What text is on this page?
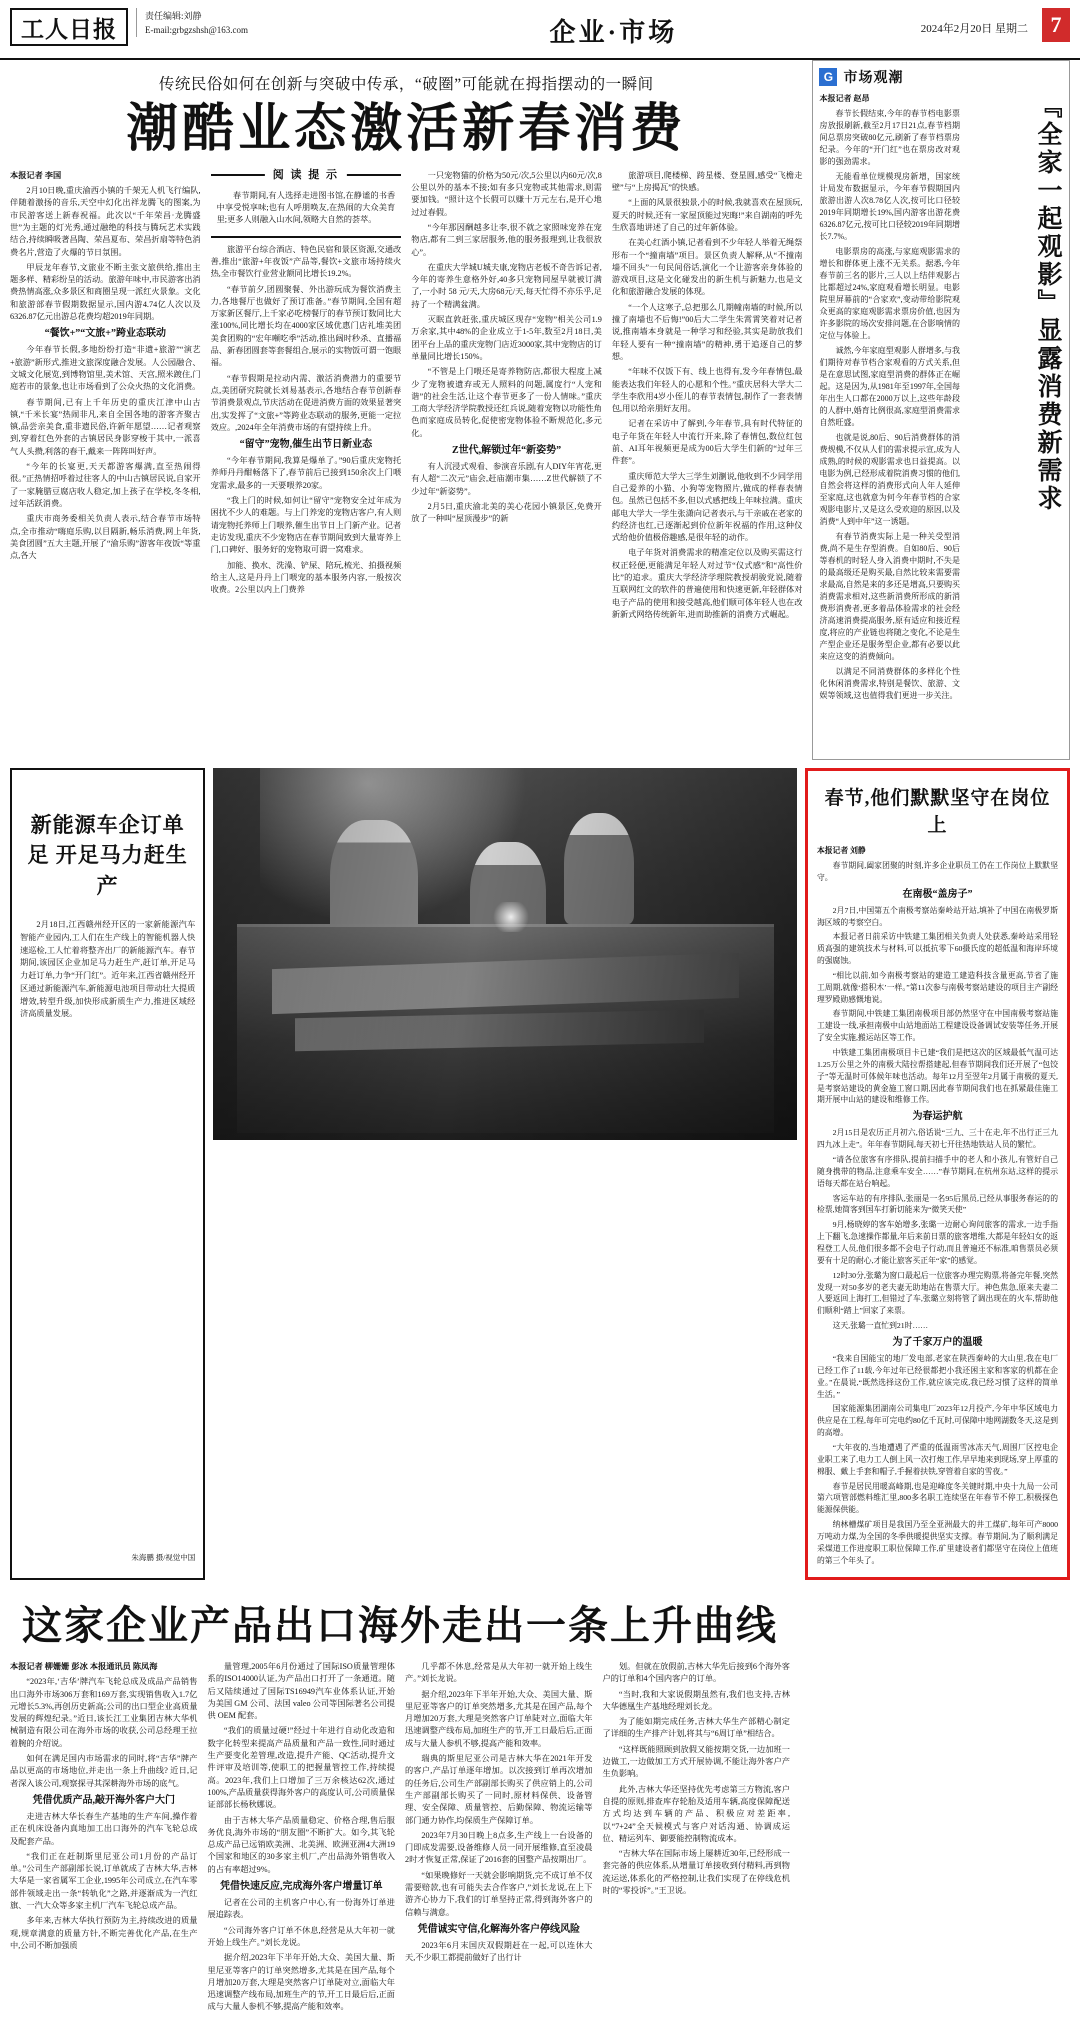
工人日报
责任编辑:刘静
E-mail:grbgzshsh@163.com	企业·市场	2024年2月20日 星期二	7
传统民俗如何在创新与突破中传承，“破圈”可能就在拇指摆动的一瞬间
潮酷业态激活新春消费

本报记者 李国

2月10日晚,重庆渝西小镇的千架无人机飞行编队,伴随着激扬的音乐,天空中幻化出祥龙腾飞的图案,为市民游客送上新春祝福。此次以“千年荣昌·龙腾盛世”为主题的灯光秀,通过融绝的科技与腾玩艺术实践结合,持续瞬吸著昌陶、荣昌夏布、荣昌折扇等特色消费名片,营造了火爆的节日氛围。

甲辰龙年春节,文旅业不断主张文旅供给,推出主题多样、精彩纷呈的活动。旅游年味中,市民游客出消费热情高涨,众多景区和商圈呈现一派红火景象。文化和旅游部春节假期数据显示,国内游4.74亿人次以及6326.87亿元出游总花费均超2019年同期。

“餐饮+”“文旅+”跨业态联动

今年春节长假,多地纷纷打造“非遗+旅游”“演艺+旅游”新形式,推进文旅深度融合发展。人公园融合、文城文化展览,到博物馆里,美术馆、天宫,照米踱住,门庭若市的景象,也让市场看到了公众火热的文化消费。

春节期间,已有上千年历史的重庆江津中山古镇,“千米长宴”热闹非凡,来自全国各地的游客齐聚古镇,品尝亲美食,重非遗民俗,许新年愿望……记者观察到,穿着红色外套的古镇居民身影穿梭于其中,一派喜气人头攒,利落的春干,戴来一阵阵叫好声。

“今年的长宴更,天天都游客爆满,直至热闹得很。”正热情招呼着过往客人的中山古镇居民说,自家开了一家腌腊豆腐店收人稳定,加上孩子在学校,冬冬相,过年活跃消费。

重庆市商务委相关负责人表示,结合春节市场特点,全市推动“嗨庭乐购,以目隔新,畅乐消费,网上年货,美食团圆”五大主题,开展了“渝乐购”游客年夜饭“等重点,各大

阅 读 提 示

春节期间,有人选择走进图书馆,在静谧的书香中享受悦享味;也有人呼朋唤友,在热闹的大众美育里;更多人则融入山水间,领略大自然的荟萃。

旅游平台综合酒店、特色民宿和景区资源,交通改善,推出“旅游+年夜饭”产品等,餐饮+文旅市场持续火热,全市餐饮行业营业额同比增长19.2%。

“春节前夕,团圆聚餐、外出游玩成为餐饮消费主力,各地餐厅也做好了预订准备。”春节期间,全国有超万家新区餐厅,上千家必吃榜餐厅的春节预订数同比大涨100%,同比增长均在4000家区域优惠门店礼堆美团美食团购的“宏年噸吃季”活动,推出阔时秒杀、直播福品、新春团圆套等套餐组合,展示的实物饭可谓一饱眼福。

“春节假期是拉动内需、激活消费潜力的重要节点,美团研究院就长刘易基表示,各地结合春节创新春节消费景观点,节庆活动在促进消费方面的效果显著突出,实发挥了“文旅+”等跨业态联动的服务,更能一定拉效应。,2024年全年消费市场的有望持续上升。

“留守”宠物,催生出节日新业态

“今年春节期间,我算是爆单了。”90后重庆宠物托养师丹丹酣畅落下了,春节前后已接到150余次上门喂宠需求,最多的一天要喂养20家。

“我上门的时候,如何让“留守”宠物安全过年成为困扰不少人的难题。与上门养宠的宠物店客户,有人则请宠物托养师上门喂养,催生出节日上门新产业。记者走访发现,重庆不少宠物店在春节期间致到大量寄养上门,口碑好、服务好的宠物取可谓一窝难求。

加能、换水、洗澡、铲屎、陪玩,梳光、拍摄视频给主人,这是丹丹上门喂宠的基本服务内容,一般按次收费。2公里以内上门费养

一只宠物猫的价格为50元/次,5公里以内60元/次,8公里以外的基本不接;如有多只宠物或其他需求,则需要加钱。“照计这个长假可以赚十万元左右,是开心地过过春假。

“今年那因酬越多让李,很不就之家照味宠养在宠物店,都有二到三家居服务,他的服务报理到,让我很放心”。

在重庆大学城U城夫康,宠物店老板不奇告诉记者,今年的寄养生意格外好,40多只宠物同屋早就被订满了,一小时 58 元/天,大房68元/天,每天忙得不亦乐乎,足持了一个精满盆满。

灭眠直敦赶张,重庆城区现存“宠物”相关公司1.9万余家,其中48%的企业成立于1-5年,数至2月18日,美团平台上品的重庆宠物门店近3000家,其中宠物店的订单量同比增长150%。

“不管是上门喂还是寄养物防店,都很大程度上减少了宠物被遗弃或无人照料的问题,属度行“人宠和谐”的社会生活,让这个春节更多了一份人情味。”重庆工商大学经济学院教授还红兵说,随着宠物以功能性角色而家庭成员转化,促使密宠物体验不断规范化,多元化。

Z世代,解锁过年“新姿势”

有人沉浸式观看、参演音乐剧,有人DIY年宵花,更有人超“二次元”庙会,赶庙潮市集……Z世代解锁了不少过年“新姿势”。

2月5日,重庆渝北美的美心花园小镇景区,免费开放了一种叫“屋顶漫步”的新

旅游项目,爬楼梯、跨星楼、登星圆,感受“飞檐走壁”与“上房揭瓦”的快感。

“上面的风景很独景,小的时候,我就喜欢在屋顶玩,夏天的时候,还有一家屋顶能过宪晦!”来自湖南的呼先生欣喜地讲述了自己的过年新体验。

在美心红酒小镇,记者看到不少年轻人举着无绳祭形布一个“撞南墙”项目。景区负责人解释,从“不撞南墙不回头”一句民间俗话,演化一个让游客亲身体验的游戏项目,这是文化碰发出的新生机与新魅力,也是文化和旅游融合发展的体现。

“一个人这寒子,总把那么几期幢南墙的时候,所以撞了南墙也不后悔!”00后大二学生朱霄霄笑着对记者说,推南墙本身就是一种学习和经验,其实是助放我们年轻人要有一种“撞南墙”的精神,勇于追逐自己的梦想。

“年味不仅饭下有、线上也得有,发今年春情包,最能表达我们年轻人的心愿和个性。”重庆居科大学大二学生李欣用4岁小侄儿的春节表情包,制作了一套表情包,用以给亲朋好友用。

记者在采访中了解到,今年春节,具有时代特征的电子年货在年轻人中流行开来,除了春情包,数位红包前、AI耳年视频更是成为00后大学生们新的“过年三件套”。

重庆师范大学大三学生刘瀏说,他收到不少同学用自己爱养的小猫、小狗等宠物照片,做成的样春表情包。虽然已包括不多,但以式感把线上年味拉满。重庆邮电大学大一学生张潇向记者表示,与干亲戚在老家的约经济也红,已逐渐起到价位新年祝福的作用,这种仪式给他价值极俗趣感,是很年轻的动作。

电子年货对消费需求的精准定位以及购买需这行权正轻便,更能满足年轻人对过节“仪式感”和“高性价比”的追求。重庆大学经济学理院教授胡骏党说,随着互联网红文的软件的普遍使用和快速更新,年轻群体对电子产品的使用和接受越高,他们顺可体年轻人也在改新新式网络传统新年,进而助推新的消费方式崛起。

G 市场观潮
『全家一起观影』显露消费新需求

本报记者 赵昂

春节长假结束,今年的春节档电影票房放报刷新,截至2月17日21点,春节档期间总票房突破80亿元,刷新了春节档票房纪录。今年的“开门红”也在票房改对观影的强劲需求。

无能看单位规模现房新增，国家统计局发布数据显示，今年春节假期国内旅游出游人次8.78亿人次,按可比口径较2019年同期增长19%,国内游客出游花费6326.87亿元,按可比口径较2019年同期增长7.7%。

电影票房的高涨,与家庭观影需求的增长和群体更上涨不无关系。据悉,今年春节前三名的影片,三人以上结伴观影占比都超过24%,家庭观看增长明显。电影院里屏幕前的“合家欢”,变动带给影院观众更高的家庭观影需求票房价值,也因为许多影院的场次安排问题,在合影响情的定位与体验上。

诚然,今年家庭型观影人群增多,与我们期待对春节档合家观看的方式关系,但是在意思试图,家庭型消费的群体正在崛起。这是因为,从1981年至1997年,全国每年出生人口都在2000万以上,这些年龄段的人群中,婚育比例很高,家庭型消费需求自然旺盛。

也就是说,80后、90后消费群体的消费规模,不仅从人们的需求提示宣,成为人成熟,的时候的观影需求也日益提高。以电影为例,已经形成着院消费习惯的他们,自然会将这样的消费形式向人年人延伸至家庭,这也就意为何今年春节档的合家观影电影片,又是这么受欢迎的原因,以及消费“人到中年”这一诱题。

有春节消费实际上是一种关受型消费,尚不是生存型消费。自如80后、90后等春机的时轻人身入消费中期时,不失是的最高级还是购买最,自然比较来需要需求最高,自然是来的多还是增高,只要购买消费需求相对,这些新消费所形成的新消费形消费者,更多着品体验需求的社会经济高速消费提高服务,原有适应和接近程度,将应的产业链也将随之变化,不论是生产型企业还是服务型企业,都有必要以此来应这变的消费倾向。

以满足不同消费群体的多样化个性化休闲消费需求,特别是餐饮、旅游、文娱等领域,这也值得我们更进一步关注。

新能源车企订单足 开足马力赶生产

2月18日,江西赣州经开区的一家新能源汽车智能产业园内,工人们在生产线上的智能机器人快速巡检,工人忙着将整齐出厂的新能源汽车。春节期间,该园区企业加足马力赶生产,赶订单,开足马力赶订单,力争“开门红”。近年来,江西省赣州经开区通过新能源汽车,新能源电池项目带动壮大提质增效,转型升级,加快形成新质生产力,推进区域经济高质量发展。

朱海鹏 摄/视觉中国

春节,他们默默坚守在岗位上

本报记者 刘静

春节期间,阖家团聚的时刻,许多企业职员工仍在工作岗位上默默坚守。

在南极“盖房子”

2月7日,中国第五个南极考察站秦岭站开站,填补了中国在南极罗斯海区域的考察空白。

本报记者日前采访中铁建工集团相关负责人处获悉,秦岭站采用轻质高强的建筑技术与材料,可以抵抗零下60摄氏度的超低温和海岸环境的强腐蚀。

“相比以前,如今南极考察站的建造工建造科技含量更高,节省了施工周期,就像‘搭积木’一样。”第11次参与南极考察站建设的项目主产副经理罗殿勋感慨地说。

春节期间,中铁建工集团南极项目部仍然坚守在中国南极考察站施工建设一线,承担南极中山站地面站工程建设设备调试安装等任务,开展了安全实施,搬运站区等工作。

中铁建工集团南极项目卡已建“我们是把这次的区域最低气温可达1.25万公里之外的南极大陆拉帮搭建起,但春节期间我们还开展了“包饺子”等无温时可体候年味也活动。每年12月至翌年2月属于南极的夏天,是考察站建设的黄金施工窗口期,因此春节期间我们也在抓紧最佳施工期开展中山站的建设和维修工作。

为春运护航

2月15日是农历正月初六,俗话说“三九、三十在走,年不出行正三九四九冰上走”。年年春节期间,每天初七开往热地铁站人员的繁忙。

“请各位旅客有序排队,提前扫描手中的老人和小孩儿,有管好自己随身携带的物品,注意乘车安全……”春节期间,在杭州东站,这样的提示语每天都在站台响起。

客运车站的有序排队,张丽是一名95后黑员,已经从事服务春运的的检票,她简客到国车打新切能来为“微笑天使”

9月,杨晓婷的客车始增多,张璐一边耐心询问旅客的需求,一边手指上下翻飞,急速操作都量,年后来前日票的旅客增维,大都是年轻妇女的返程登工人员,他们很多都不会电子行动,而且普遍还不标准,咱售票员必须要有十足的耐心,才能让旅客买正年“家”的感觉。

12时30分,张璐为窗口最起后一位旅客办理完购票,将备完年餐,突然发现一对50多岁的老夫妻无助地站在售票大厅。神色焦急,原来夫妻二人要返回上海打工,但错过了车,张璐立刻将管了调出现在的火车,帮助他们顺利“踏上”回家了来票。

这天,张璐一直忙到21时……

为了千家万户的温暖

“我来自国能宝的地厂发电部,老家在陕西秦岭的大山里,我在电厂已经工作了11载,今年过年已经很都把小我还困主家和客家的机都在企业。”在晨说,“既然选择这份工作,就应该完成,我已经习惯了这样的简单生活。”

国家能源集团湖南公司集电厂2023年12月投产,今年中华区域电力供应是在工程,每年可完电约80亿千瓦时,可保障中地网湖数冬天,这是到的高增。

“大年夜的,当地遭遇了严重的低温雨雪冰冻天气,周围厂区控电企业职工来了,电力工人倒上风一次打炮工作,早早地来到现场,穿上厚重的棉服、戴上手套和帽子,手握着扶铁,穿管着自家的雪夜。”

春节是居民用暖高峰期,也是迎峰度冬关键时期,中央十九局一公司第六项管部燃料维汇里,800多名职工连续坚在年春节不停工,积极探色能源保供能。

纳林槽煤矿项目是我国乃至全亚洲最大的井工煤矿,每年可产8000万吨动力煤,为全国的冬季供暖提供坚实支撑。春节期间,为了顺利满足采煤道工作进度职工职位保障工作,矿里建设者们都坚守在岗位上值班的第三个年头了。

这家企业产品出口海外走出一条上升曲线

本报记者 柳姗姗 彭冰 本报通讯员 陈凤海

“2023年,‘吉华’牌汽车飞轮总成及成品产品销售出口海外市场306万套和169万套,实现销售收入1.7亿元增长5.3%,再创历史新高;公司的出口型企业高质量发展的辉煌纪录。”近日,该长江工业集团吉林大华机械制造有限公司在海外市场的收获,公司总经理王拉着腕的介绍说。

如何在满足国内市场需求的同时,将“吉华”牌产品以更高的市场地位,并走出一条上升曲线? 近日,记者深入该公司,观察探寻其深耕海外市场的底气。

凭借优质产品,敲开海外客户大门

走进吉林大华长春生产基地的生产车间,操作着正在机床设备内真地加工出口海外的汽车飞轮总成及配套产品。

“我们正在赶制斯里尼亚公司1月份的产品订单。”公司生产部副部长说,订单就成了吉林大华,吉林大华是一家省属军工企业,1995年公司成立,在汽车零部件领域走出一条“转轨化”之路,并逐渐成为一汽红旗、一汽大众等多家主机厂汽车飞轮总成产品。

多年来,吉林大华执行预防为主,持续改进的质量观,规章满意的质量方针,不断完善优化产品,在生产中,公司不断加强质

量管理,2005年6月份通过了国际ISO质量管理体系的ISO14000认证,为产品出口打开了一条通道。随后又陆续通过了国际TS16949汽车业体系认证,开始为美国 GM 公司、法国 valeo 公司等国际著名公司提供 OEM 配套。

“我们的质量过硬!”经过十年进行自动化改造和数字化转型来提高产品质量和产品一致性,同时通过生产要变化差管理,改造,提升产能、QC活动,提升文件评审及培训等,使职工的把握量管控工作,持续提高。2023年,我们上口增加了三万余核达62次,通过100%,产品质量获得海外客户的高度认可,公司质量保证部部长杨秋娜说。

由于吉林大华产品质量稳定、价格合理,售后服务优良,海外市场的“朋友圈”不断扩大。如今,其飞轮总成产品已远销欧美洲、北美洲、欧洲亚洲4大洲19个国家和地区的30多家主机厂,产出品海外销售收入的占有率超过9%。

凭借快速反应,完成海外客户增量订单

记者在公司的主机客户中心,有一份海外订单进展追踪表。

“公司海外客户订单不休息,经营是从大年初一就开始上线生产。”刘长龙说。

据介绍,2023年下半年开始,大众、美国大量、斯里尼亚等客户的订单突然增多,尤其是在国产品,每个月增加20万套,大理是突然客户订单陡对立,面临大年迅速调整产线布局,加班生产的节,开工日最后后,正面成与大量人参机不够,提高产能和效率。

几乎都不休息,经常是从大年初一就开始上线生产。”刘长龙说。

据介绍,2023年下半年开始,大众、美国大量、斯里尼亚等客户的订单突然增多,尤其是在国产品,每个月增加20万套,大理是突然客户订单陡对立,面临大年迅速调整产线布局,加班生产的节,开工日最后后,正面成与大量人参机不够,提高产能和效率。

瑞典的斯里尼亚公司是吉林大华在2021年开发的客户,产品订单逐年增加。以次接到订单再次增加的任务后,公司生产部副部长购买了供应销上的,公司生产部副部长购买了一同时,原材料保供、设备管理、安全保障、质量管控、后勤保障、物流运输等部门通力协作,均保质生产保障订单。

2023年7月30日晚上8点多,生产线上一台设备的门即成发需要,设备维修人员一同开展维修,直至凌晨2时才恢复正常,保证了2016套的国整产品按期出厂。

“如果晚修好一天就会影响期货,完不成订单不仅需要赔款,也有可能失去合作客户,”刘长龙说,在上下游齐心协力下,我们的订单坚持正常,得到海外客户的信赖与满意。

凭借诚实守信,化解海外客户停线风险

2023年6月末国庆双假期赶在一起,可以连休大天,不少职工都提前做好了出行计

划。但就在放假前,吉林大华先后接到6个海外客户的订单和4个国内客户的订单。

“当时,我和大家说假期虽然有,我们也支持,吉林大华德凰生产基地经理刘长龙。

为了能如期完成任务,吉林大华生产部精心制定了详细的生产排产计划,将其与“6周订单”相结合。

“这样既能照顾到放假又能按期交货,一边加班一边做工,一边做加工方式开展协调,不能让海外客户产生负影响。

此外,吉林大华还坚持优先考虑第三方物流,客户自提的原则,排查库存轮胎及适用车辆,高度保障配送方式均达到车辆的产品、积极应对差距率,以“7+24”全天候模式与客户对话沟通、协调成运位、精运列车、御要能控制物流成本。

“吉林大华在国际市场上屡耕近30年,已经形成一套完备的供应体系,从增量订单接收到付精料,再到物流运送,体系化的严格控制,让我们实现了在停线危机时的“零投诉”。”王卫说。
